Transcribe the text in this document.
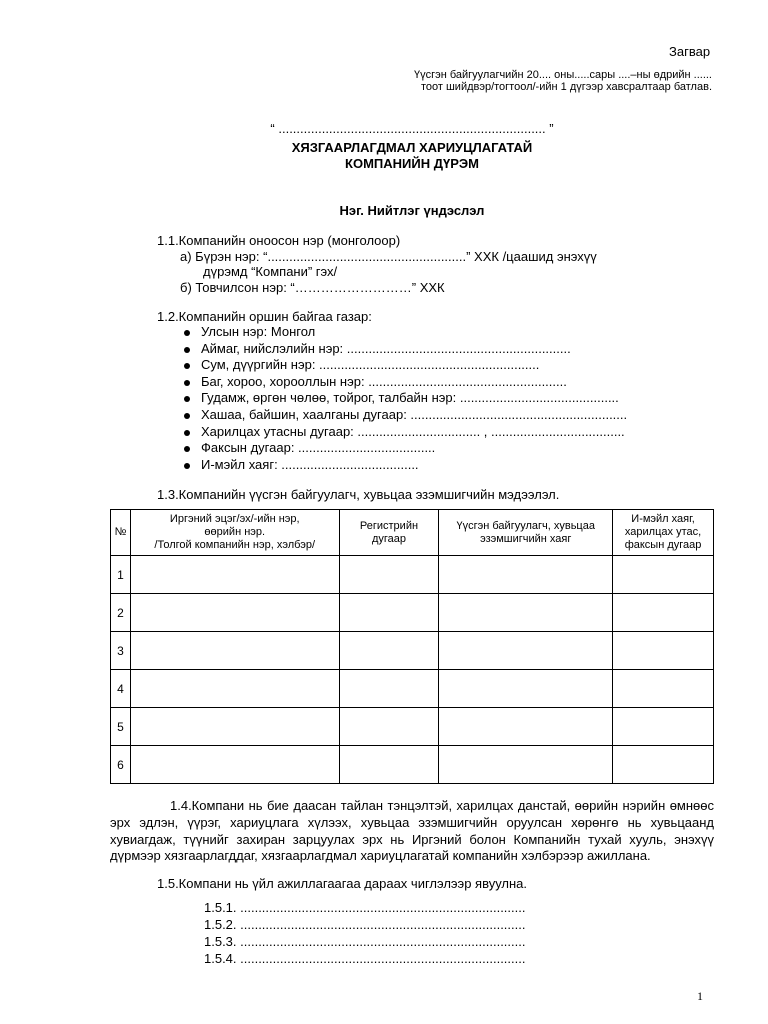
Загвар
Үүсгэн байгуулагчийн 20.... оны.....сары ....–ны өдрийн ......
тоот шийдвэр/тогтоол/-ийн 1 дүгээр хавсралтаар батлав.
“ .......................................................................... ”
ХЯЗГААРЛАГДМАЛ ХАРИУЦЛАГАТАЙ
КОМПАНИЙН ДҮРЭМ
Нэг. Нийтлэг үндэслэл
1.1.Компанийн оноосон нэр (монголоор)
а) Бүрэн нэр: “.......................................................” ХХК /цаашид энэхүү
дүрэмд “Компани” гэх/
б) Товчилсон нэр: “………………………” ХХК
1.2.Компанийн оршин байгаа газар:
Улсын нэр: Монгол
Аймаг, нийслэлийн нэр: ..............................................................
Сум, дүүргийн нэр: .............................................................
Баг, хороо, хорооллын нэр: .......................................................
Гудамж, өргөн чөлөө, тойрог, талбайн нэр: ............................................
Хашаа, байшин, хаалганы дугаар: ............................................................
Харилцах утасны дугаар: .................................. , .....................................
Факсын дугаар: ......................................
И-мэйл хаяг: ......................................
1.3.Компанийн үүсгэн байгуулагч, хувьцаа эзэмшигчийн мэдээлэл.
№	Иргэний эцэг/эх/-ийн нэр,
өөрийн нэр.
/Толгой компанийн нэр, хэлбэр/	Регистрийн
дугаар	Үүсгэн байгуулагч, хувьцаа
эзэмшигчийн хаяг	И-мэйл хаяг,
харилцах утас,
факсын дугаар
1				
2				
3				
4				
5				
6				
1.4.Компани нь бие даасан тайлан тэнцэлтэй, харилцах данстай, өөрийн нэрийн өмнөөс эрх эдлэн, үүрэг, хариуцлага хүлээх, хувьцаа эзэмшигчийн оруулсан хөрөнгө нь хувьцаанд хувиагдаж, түүнийг захиран зарцуулах эрх нь Иргэний болон Компанийн тухай хууль, энэхүү дүрмээр хязгаарлагддаг, хязгаарлагдмал хариуцлагатай компанийн хэлбэрээр ажиллана.
1.5.Компани нь үйл ажиллагаагаа дараах чиглэлээр явуулна.
1.5.1. ...............................................................................
1.5.2. ...............................................................................
1.5.3. ...............................................................................
1.5.4. ...............................................................................
1
